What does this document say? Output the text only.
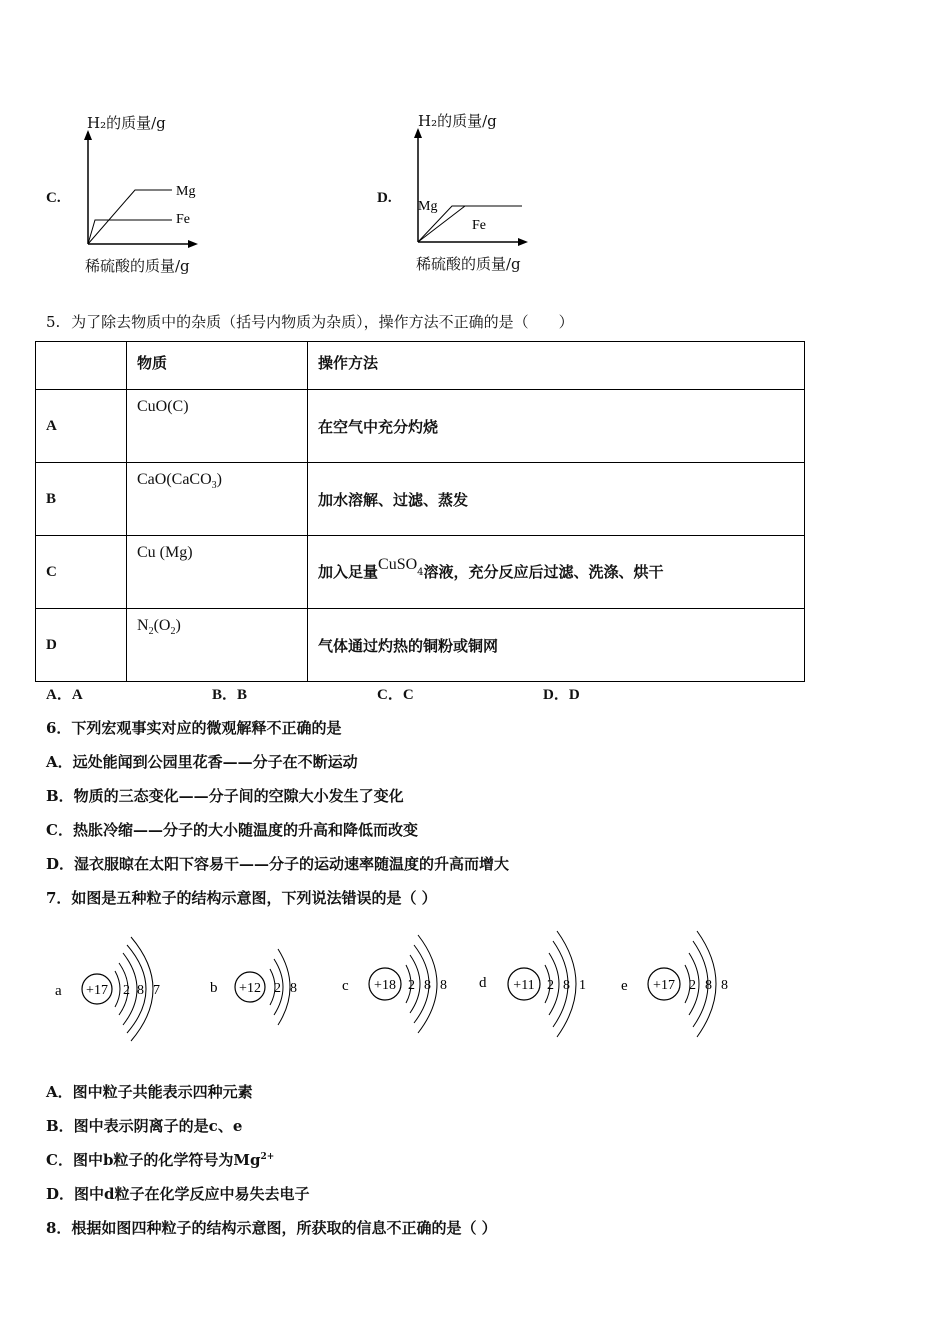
C.
H₂的质量/g
稀硫酸的质量/g
Mg
Fe
D.
H₂的质量/g
稀硫酸的质量/g
Mg
Fe
5. 为了除去物质中的杂质（括号内物质为杂质），操作方法不正确的是（　　）
	物质	操作方法
A	CuO(C)	在空气中充分灼烧
B	CaO(CaCO$_3$)	加水溶解、过滤、蒸发
C	Cu (Mg)	加入足量CuSO$_4$溶液，充分反应后过滤、洗涤、烘干
D	$N_2(O_2)$	气体通过灼热的铜粉或铜网
A．A	B．B	C．C	D．D
6．下列宏观事实对应的微观解释不正确的是
A．远处能闻到公园里花香——分子在不断运动
B．物质的三态变化——分子间的空隙大小发生了变化
C．热胀冷缩——分子的大小随温度的升高和降低而改变
D．湿衣服晾在太阳下容易干——分子的运动速率随温度的升高而增大
7．如图是五种粒子的结构示意图，下列说法错误的是（ ）
a +17 2 8 7	b +12 2 8	c +18 2 8 8 d +11 2 8 1 e +17 2 8 8
A．图中粒子共能表示四种元素
B．图中表示阴离子的是c、e
C．图中b粒子的化学符号为$Mg^{2+}$
D．图中d粒子在化学反应中易失去电子
8．根据如图四种粒子的结构示意图，所获取的信息不正确的是（ ）
